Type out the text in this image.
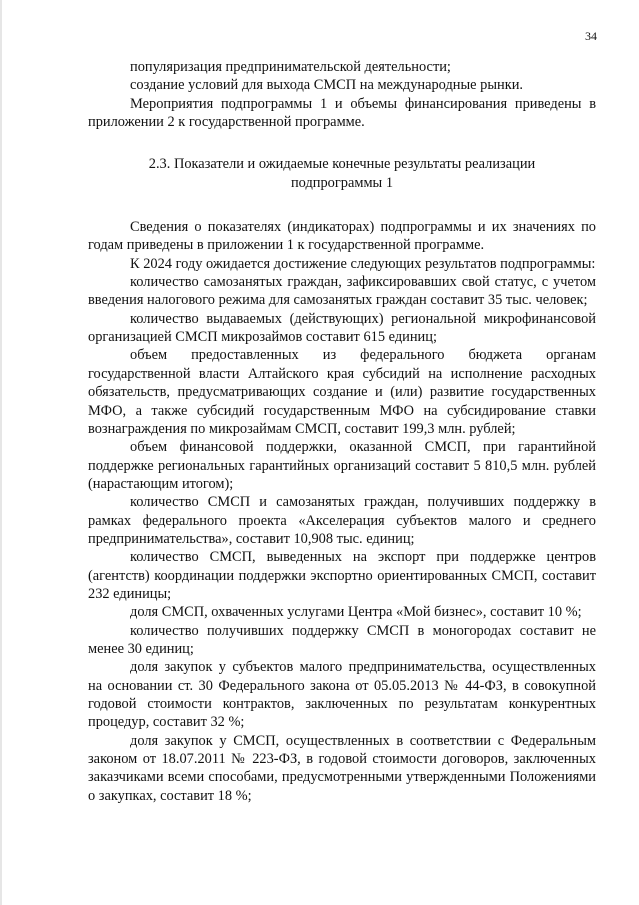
34

популяризация предпринимательской деятельности;

создание условий для выхода СМСП на международные рынки.

Мероприятия подпрограммы 1 и объемы финансирования приведены в приложении 2 к государственной программе.

2.3. Показатели и ожидаемые конечные результаты реализации
подпрограммы 1

Сведения о показателях (индикаторах) подпрограммы и их значениях по годам приведены в приложении 1 к государственной программе.

К 2024 году ожидается достижение следующих результатов подпрограммы:

количество самозанятых граждан, зафиксировавших свой статус, с учетом введения налогового режима для самозанятых граждан составит 35 тыс. человек;

количество выдаваемых (действующих) региональной микрофинансовой организацией СМСП микрозаймов составит 615 единиц;

объем предоставленных из федерального бюджета органам государственной власти Алтайского края субсидий на исполнение расходных обязательств, предусматривающих создание и (или) развитие государственных МФО, а также субсидий государственным МФО на субсидирование ставки вознаграждения по микрозаймам СМСП, составит 199,3 млн. рублей;

объем финансовой поддержки, оказанной СМСП, при гарантийной поддержке региональных гарантийных организаций составит 5 810,5 млн. рублей (нарастающим итогом);

количество СМСП и самозанятых граждан, получивших поддержку в рамках федерального проекта «Акселерация субъектов малого и среднего предпринимательства», составит 10,908 тыс. единиц;

количество СМСП, выведенных на экспорт при поддержке центров (агентств) координации поддержки экспортно ориентированных СМСП, составит 232 единицы;

доля СМСП, охваченных услугами Центра «Мой бизнес», составит 10 %;

количество получивших поддержку СМСП в моногородах составит не менее 30 единиц;

доля закупок у субъектов малого предпринимательства, осуществленных на основании ст. 30 Федерального закона от 05.05.2013 № 44-ФЗ, в совокупной годовой стоимости контрактов, заключенных по результатам конкурентных процедур, составит 32 %;

доля закупок у СМСП, осуществленных в соответствии с Федеральным законом от 18.07.2011 № 223-ФЗ, в годовой стоимости договоров, заключенных заказчиками всеми способами, предусмотренными утвержденными Положениями о закупках, составит 18 %;
